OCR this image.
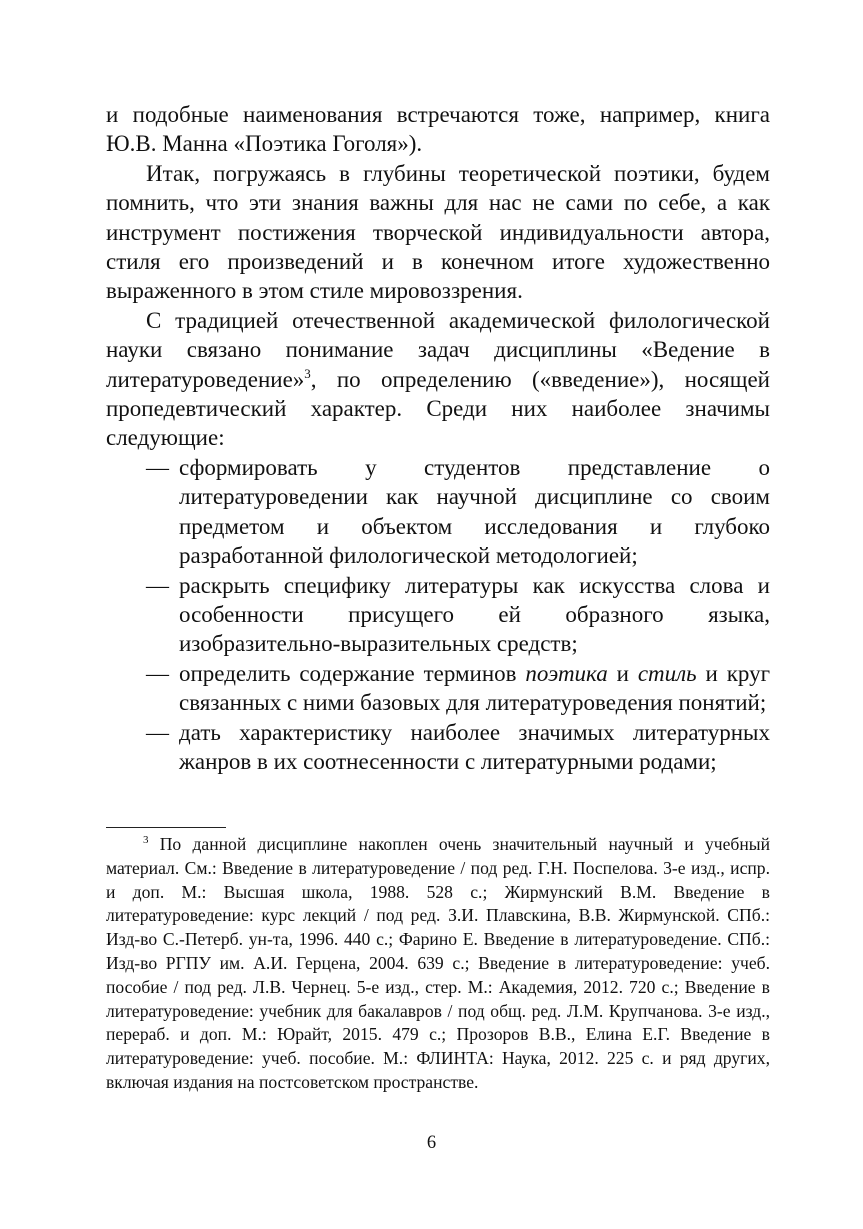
и подобные наименования встречаются тоже, например, книга Ю.В. Манна «Поэтика Гоголя»).

Итак, погружаясь в глубины теоретической поэтики, будем помнить, что эти знания важны для нас не сами по себе, а как инструмент постижения творческой индивидуальности автора, стиля его произведений и в конечном итоге художественно выраженного в этом стиле мировоззрения.

С традицией отечественной академической филологической науки связано понимание задач дисциплины «Ведение в литературоведение»$^3$, по определению («введение»), носящей пропедевтический характер. Среди них наиболее значимы следующие:

— сформировать у студентов представление о литературоведении как научной дисциплине со своим предметом и объектом исследования и глубоко разработанной филологической методологией;
— раскрыть специфику литературы как искусства слова и особенности присущего ей образного языка, изобразительно-выразительных средств;
— определить содержание терминов поэтика и стиль и круг связанных с ними базовых для литературоведения понятий;
— дать характеристику наиболее значимых литературных жанров в их соотнесенности с литературными родами;

$^3$ По данной дисциплине накоплен очень значительный научный и учебный материал. См.: Введение в литературоведение / под ред. Г.Н. Поспелова. 3-е изд., испр. и доп. М.: Высшая школа, 1988. 528 с.; Жирмунский В.М. Введение в литературоведение: курс лекций / под ред. З.И. Плавскина, В.В. Жирмунской. СПб.: Изд-во С.-Петерб. ун-та, 1996. 440 с.; Фарино Е. Введение в литературоведение. СПб.: Изд-во РГПУ им. А.И. Герцена, 2004. 639 с.; Введение в литературоведение: учеб. пособие / под ред. Л.В. Чернец. 5-е изд., стер. М.: Академия, 2012. 720 с.; Введение в литературоведение: учебник для бакалавров / под общ. ред. Л.М. Крупчанова. 3-е изд., перераб. и доп. М.: Юрайт, 2015. 479 с.; Прозоров В.В., Елина Е.Г. Введение в литературоведение: учеб. пособие. М.: ФЛИНТА: Наука, 2012. 225 с. и ряд других, включая издания на постсоветском пространстве.

6
